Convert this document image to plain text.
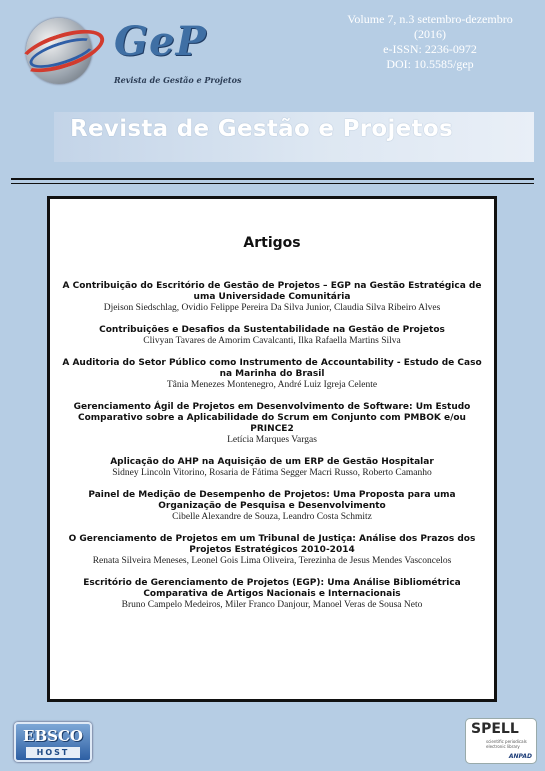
GeP
Revista de Gestão e Projetos
Volume 7, n.3 setembro-dezembro
(2016)
e-ISSN: 2236-0972
DOI: 10.5585/gep
Revista de Gestão e Projetos
Artigos
A Contribuição do Escritório de Gestão de Projetos – EGP na Gestão Estratégica de uma Universidade Comunitária
Djeison Siedschlag, Ovidio Felippe Pereira Da Silva Junior, Claudia Silva Ribeiro Alves
Contribuições e Desafios da Sustentabilidade na Gestão de Projetos
Clivyan Tavares de Amorim Cavalcanti, Ilka Rafaella Martins Silva
A Auditoria do Setor Público como Instrumento de Accountability - Estudo de Caso na Marinha do Brasil
Tânia Menezes Montenegro, André Luiz Igreja Celente
Gerenciamento Ágil de Projetos em Desenvolvimento de Software: Um Estudo Comparativo sobre a Aplicabilidade do Scrum em Conjunto com PMBOK e/ou PRINCE2
Letícia Marques Vargas
Aplicação do AHP na Aquisição de um ERP de Gestão Hospitalar
Sidney Lincoln Vitorino, Rosaria de Fátima Segger Macri Russo, Roberto Camanho
Painel de Medição de Desempenho de Projetos: Uma Proposta para uma Organização de Pesquisa e Desenvolvimento
Cibelle Alexandre de Souza, Leandro Costa Schmitz
O Gerenciamento de Projetos em um Tribunal de Justiça: Análise dos Prazos dos Projetos Estratégicos 2010-2014
Renata Silveira Meneses, Leonel Gois Lima Oliveira, Terezinha de Jesus Mendes Vasconcelos
Escritório de Gerenciamento de Projetos (EGP): Uma Análise Bibliométrica Comparativa de Artigos Nacionais e Internacionais
Bruno Campelo Medeiros, Miler Franco Danjour, Manoel Veras de Sousa Neto
EBSCO
HOST
SPELL
scientific periodicals electronic library
ANPAD
